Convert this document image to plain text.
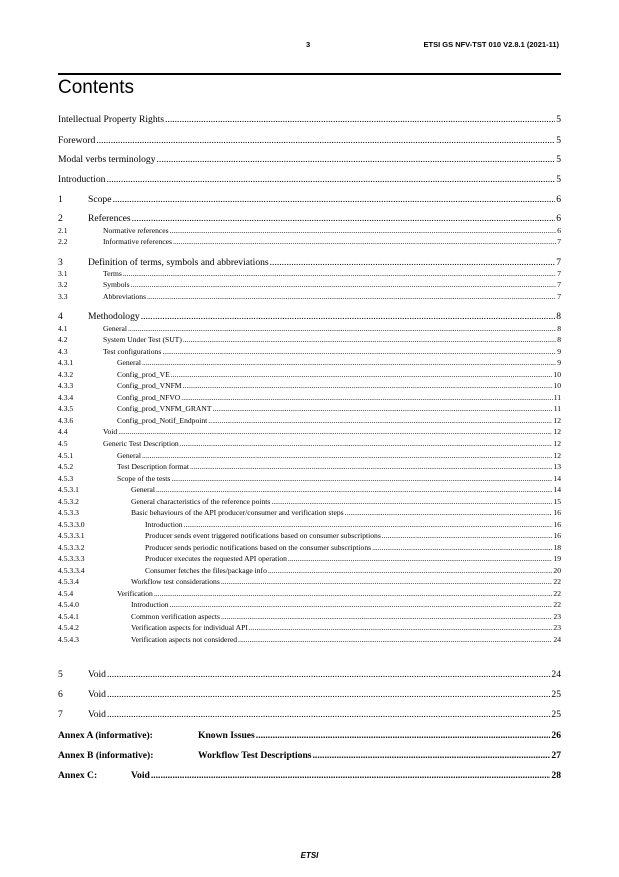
3	ETSI GS NFV-TST 010 V2.8.1 (2021-11)
Contents
Intellectual Property Rights .....	5
Foreword .....	5
Modal verbs terminology .....	5
Introduction .....	5
1	Scope .....	6
2	References .....	6
2.1	Normative references .....	6
2.2	Informative references .....	7
3	Definition of terms, symbols and abbreviations .....	7
3.1	Terms .....	7
3.2	Symbols .....	7
3.3	Abbreviations .....	7
4	Methodology .....	8
4.1	General .....	8
4.2	System Under Test (SUT) .....	8
4.3	Test configurations .....	9
4.3.1	General .....	9
4.3.2	Config_prod_VE .....	10
4.3.3	Config_prod_VNFM .....	10
4.3.4	Config_prod_NFVO .....	11
4.3.5	Config_prod_VNFM_GRANT .....	11
4.3.6	Config_prod_Notif_Endpoint .....	12
4.4	Void .....	12
4.5	Generic Test Description .....	12
4.5.1	General .....	12
4.5.2	Test Description format .....	13
4.5.3	Scope of the tests .....	14
4.5.3.1	General .....	14
4.5.3.2	General characteristics of the reference points .....	15
4.5.3.3	Basic behaviours of the API producer/consumer and verification steps .....	16
4.5.3.3.0	Introduction .....	16
4.5.3.3.1	Producer sends event triggered notifications based on consumer subscriptions .....	16
4.5.3.3.2	Producer sends periodic notifications based on the consumer subscriptions .....	18
4.5.3.3.3	Producer executes the requested API operation .....	19
4.5.3.3.4	Consumer fetches the files/package info .....	20
4.5.3.4	Workflow test considerations .....	22
4.5.4	Verification .....	22
4.5.4.0	Introduction .....	22
4.5.4.1	Common verification aspects .....	23
4.5.4.2	Verification aspects for individual API .....	23
4.5.4.3	Verification aspects not considered .....	24
5	Void .....	24
6	Void .....	25
7	Void .....	25
Annex A (informative):	Known Issues .....	26
Annex B (informative):	Workflow Test Descriptions .....	27
Annex C:	Void .....	28
ETSI
